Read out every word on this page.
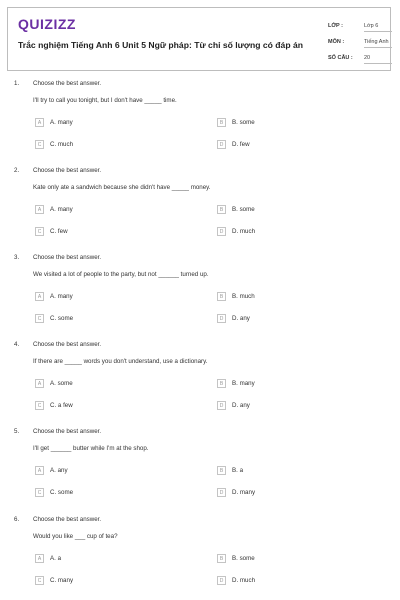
QUIZIZZ
Trắc nghiệm Tiếng Anh 6 Unit 5 Ngữ pháp: Từ chỉ số lượng có đáp án
LỚP :	Lớp 6
MÔN :	Tiếng Anh
SỐ CÂU : 20
1. Choose the best answer.
I'll try to call you tonight, but I don't have _____ time.
A	A. many	B	B. some
C	C. much	D	D. few
2. Choose the best answer.
Kate only ate a sandwich because she didn't have _____ money.
A	A. many	B	B. some
C	C. few	D	D. much
3. Choose the best answer.
We visited a lot of people to the party, but not ______ turned up.
A	A. many	B	B. much
C	C. some	D	D. any
4. Choose the best answer.
If there are _____ words you don't understand, use a dictionary.
A	A. some	B	B. many
C	C. a few	D	D. any
5. Choose the best answer.
I'll get ______ butter while I'm at the shop.
A	A. any	B	B. a
C	C. some	D	D. many
6. Choose the best answer.
Would you like ___ cup of tea?
A	A. a	B	B. some
C	C. many	D	D. much
